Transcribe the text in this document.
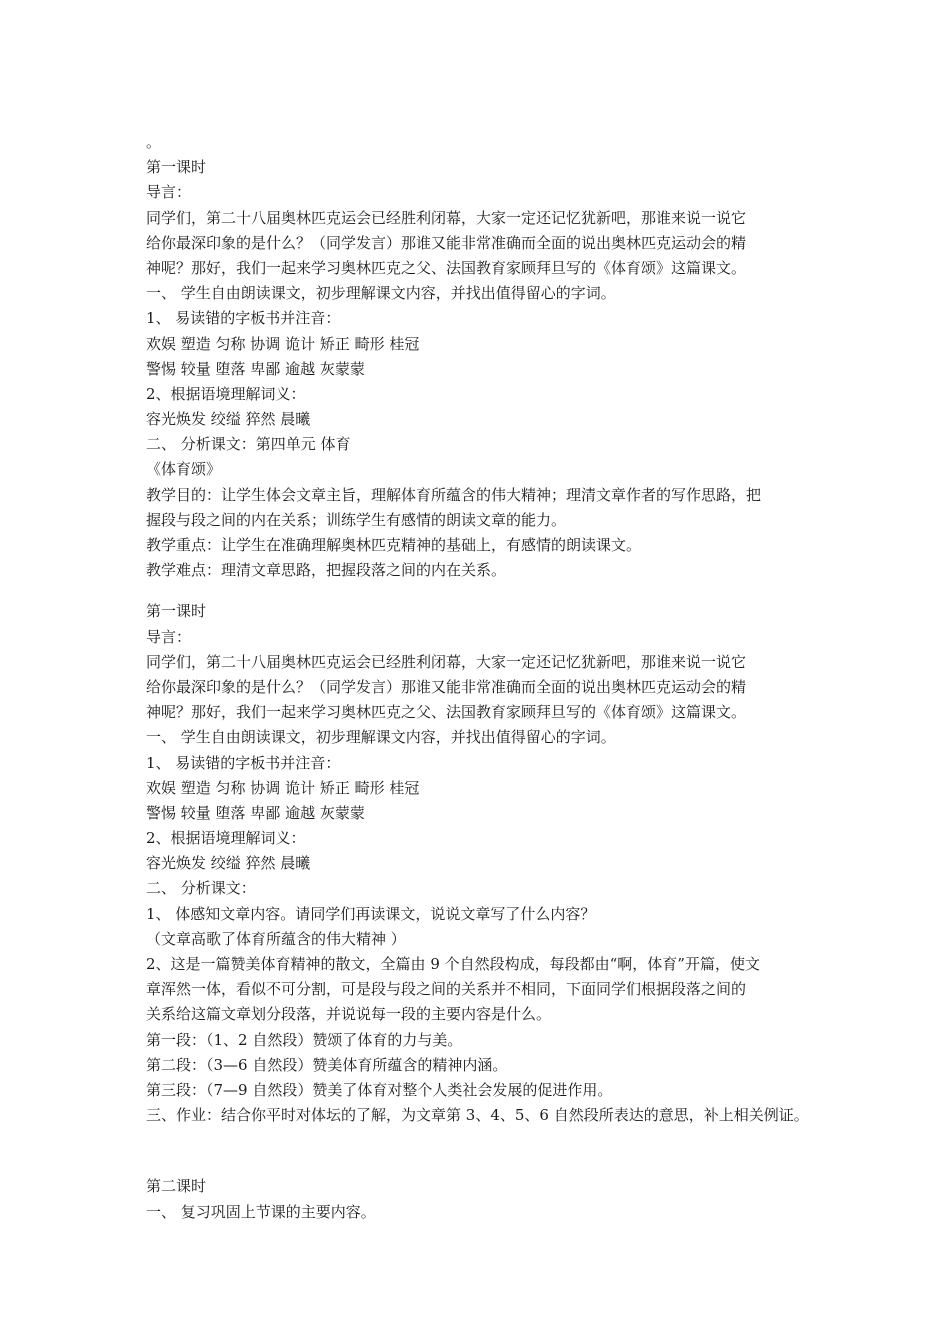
。
第一课时
导言：
同学们，第二十八届奥林匹克运会已经胜利闭幕，大家一定还记忆犹新吧，那谁来说一说它
给你最深印象的是什么？（同学发言）那谁又能非常准确而全面的说出奥林匹克运动会的精
神呢？那好，我们一起来学习奥林匹克之父、法国教育家顾拜旦写的《体育颂》这篇课文。
一、 学生自由朗读课文，初步理解课文内容，并找出值得留心的字词。
1、 易读错的字板书并注音：
欢娱 塑造 匀称 协调 诡计 矫正 畸形 桂冠
警惕 较量 堕落 卑鄙 逾越 灰蒙蒙
2、根据语境理解词义：
容光焕发 绞缢 猝然 晨曦
二、 分析课文：第四单元 体育
《体育颂》
教学目的：让学生体会文章主旨，理解体育所蕴含的伟大精神；理清文章作者的写作思路，把
握段与段之间的内在关系；训练学生有感情的朗读文章的能力。
教学重点：让学生在准确理解奥林匹克精神的基础上，有感情的朗读课文。
教学难点：理清文章思路，把握段落之间的内在关系。
第一课时
导言：
同学们，第二十八届奥林匹克运会已经胜利闭幕，大家一定还记忆犹新吧，那谁来说一说它
给你最深印象的是什么？（同学发言）那谁又能非常准确而全面的说出奥林匹克运动会的精
神呢？那好，我们一起来学习奥林匹克之父、法国教育家顾拜旦写的《体育颂》这篇课文。
一、 学生自由朗读课文，初步理解课文内容，并找出值得留心的字词。
1、 易读错的字板书并注音：
欢娱 塑造 匀称 协调 诡计 矫正 畸形 桂冠
警惕 较量 堕落 卑鄙 逾越 灰蒙蒙
2、根据语境理解词义：
容光焕发 绞缢 猝然 晨曦
二、 分析课文：
1、 体感知文章内容。请同学们再读课文，说说文章写了什么内容？
（文章高歌了体育所蕴含的伟大精神 ）
2、这是一篇赞美体育精神的散文，全篇由 9 个自然段构成，每段都由“啊，体育”开篇，使文
章浑然一体，看似不可分割，可是段与段之间的关系并不相同，下面同学们根据段落之间的
关系给这篇文章划分段落，并说说每一段的主要内容是什么。
第一段：（1、2 自然段）赞颂了体育的力与美。
第二段：（3—6 自然段）赞美体育所蕴含的精神内涵。
第三段：（7—9 自然段）赞美了体育对整个人类社会发展的促进作用。
三、作业：结合你平时对体坛的了解，为文章第 3、4、5、6 自然段所表达的意思，补上相关例证。
第二课时
一、 复习巩固上节课的主要内容。
